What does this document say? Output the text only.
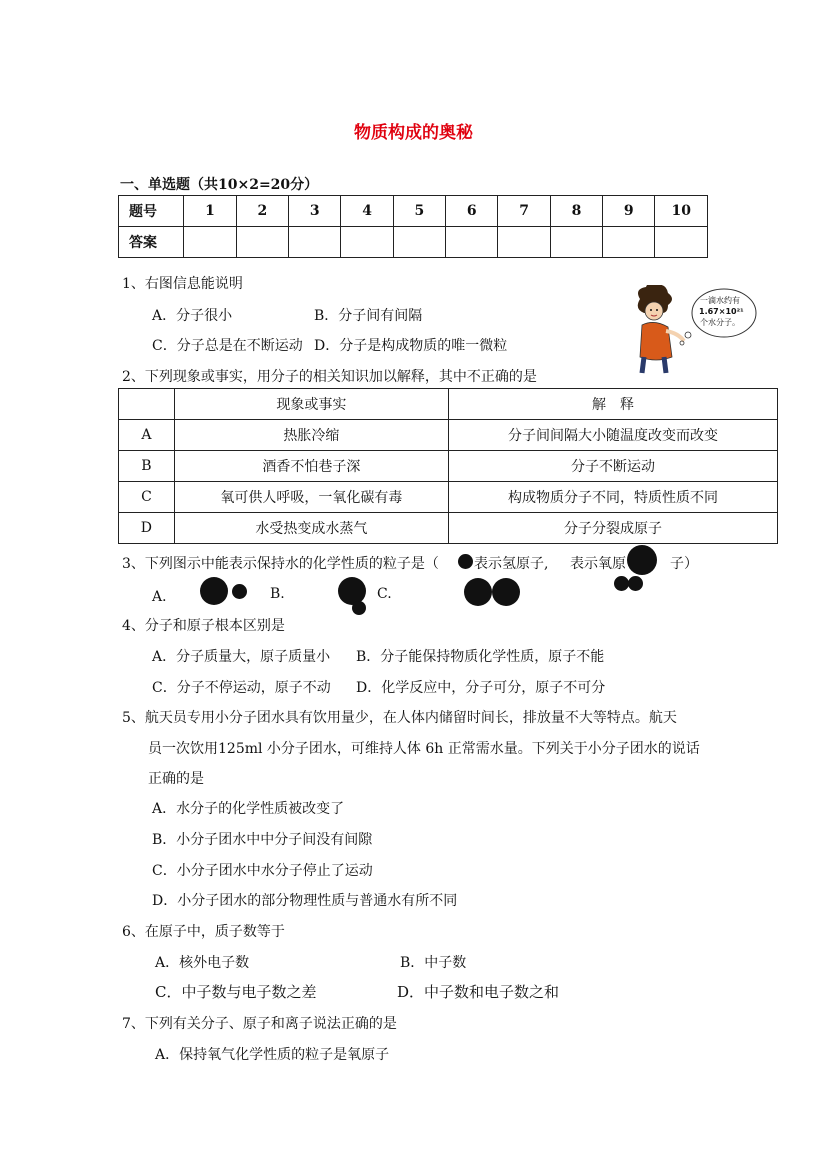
物质构成的奥秘
一、单选题（共10×2=20分）
题号	1	2	3	4	5	6	7	8	9	10
答案										
1、右图信息能说明
A．分子很小	B．分子间有间隔
C．分子总是在不断运动 D．分子是构成物质的唯一微粒
一滴水约有
1.67×10²¹
个水分子。
2、下列现象或事实，用分子的相关知识加以解释，其中不正确的是
	现象或事实	解　释
A	热胀冷缩	分子间间隔大小随温度改变而改变
B	酒香不怕巷子深	分子不断运动
C	氧可供人呼吸，一氧化碳有毒	构成物质分子不同，特质性质不同
D	水受热变成水蒸气	分子分裂成原子
3、下列图示中能表示保持水的化学性质的粒子是（	表示氢原子, 表示氧原	子）
A．	B.	C.
4、分子和原子根本区别是
A．分子质量大，原子质量小 B．分子能保持物质化学性质，原子不能
C．分子不停运动，原子不动 D．化学反应中，分子可分，原子不可分
5、航天员专用小分子团水具有饮用量少，在人体内储留时间长，排放量不大等特点。航天
员一次饮用125ml 小分子团水，可维持人体 6h 正常需水量。下列关于小分子团水的说话
正确的是
A．水分子的化学性质被改变了
B．小分子团水中中分子间没有间隙
C．小分子团水中水分子停止了运动
D．小分子团水的部分物理性质与普通水有所不同
6、在原子中，质子数等于
A．核外电子数	B．中子数
C．中子数与电子数之差	D．中子数和电子数之和
7、下列有关分子、原子和离子说法正确的是
A．保持氧气化学性质的粒子是氧原子
